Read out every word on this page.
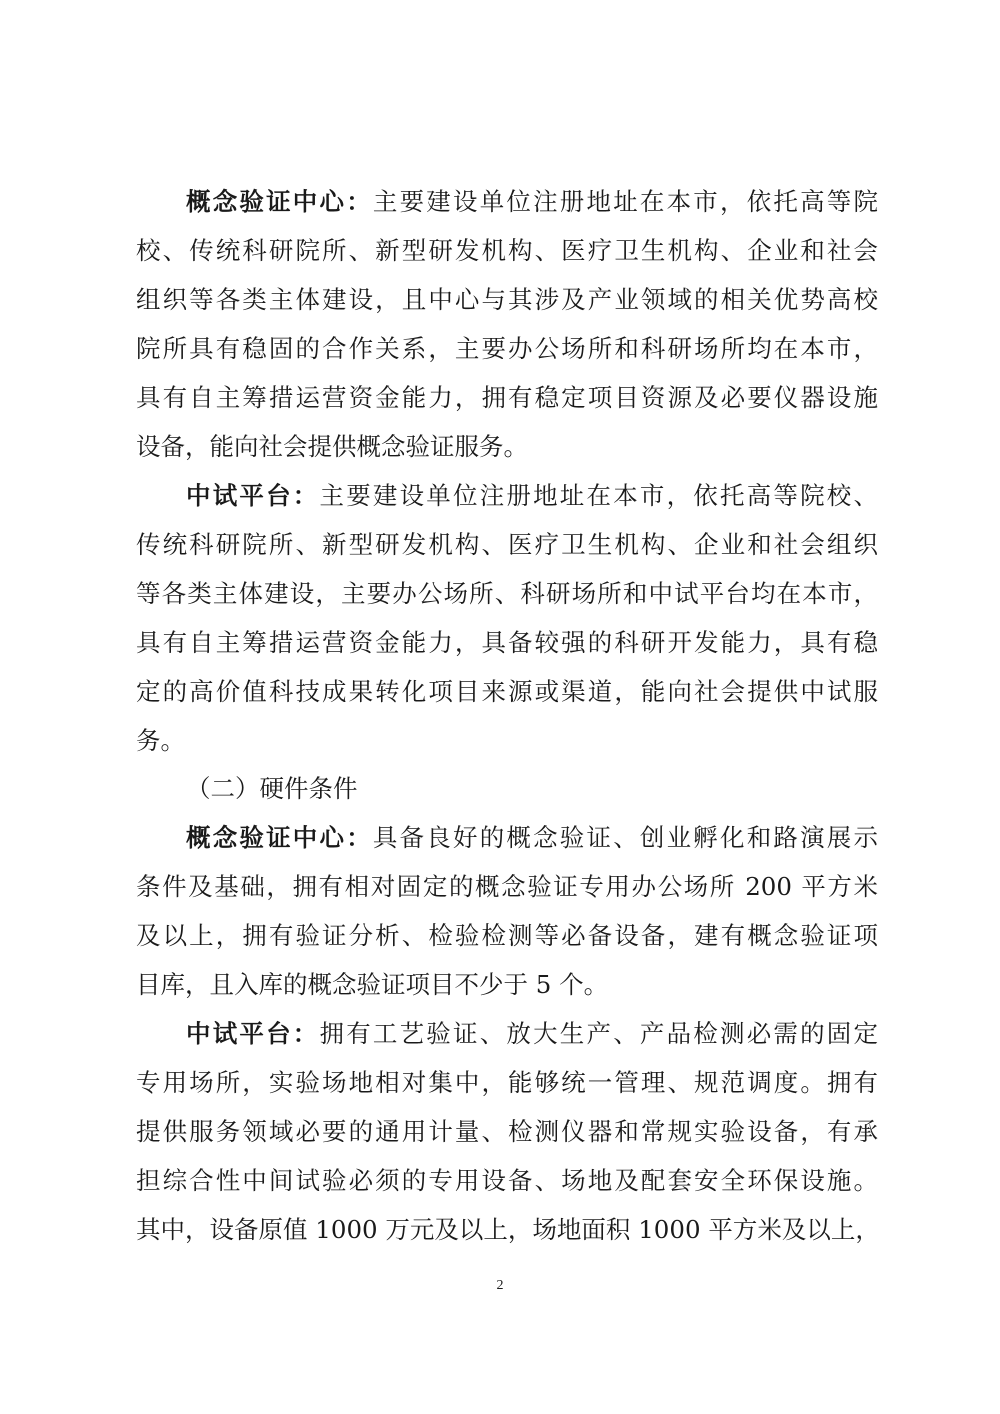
概念验证中心：主要建设单位注册地址在本市，依托高等院
校、传统科研院所、新型研发机构、医疗卫生机构、企业和社会
组织等各类主体建设，且中心与其涉及产业领域的相关优势高校
院所具有稳固的合作关系，主要办公场所和科研场所均在本市，
具有自主筹措运营资金能力，拥有稳定项目资源及必要仪器设施
设备，能向社会提供概念验证服务。
中试平台：主要建设单位注册地址在本市，依托高等院校、
传统科研院所、新型研发机构、医疗卫生机构、企业和社会组织
等各类主体建设，主要办公场所、科研场所和中试平台均在本市，
具有自主筹措运营资金能力，具备较强的科研开发能力，具有稳
定的高价值科技成果转化项目来源或渠道，能向社会提供中试服
务。
（二）硬件条件
概念验证中心：具备良好的概念验证、创业孵化和路演展示
条件及基础，拥有相对固定的概念验证专用办公场所 200 平方米
及以上，拥有验证分析、检验检测等必备设备，建有概念验证项
目库，且入库的概念验证项目不少于 5 个。
中试平台：拥有工艺验证、放大生产、产品检测必需的固定
专用场所，实验场地相对集中，能够统一管理、规范调度。拥有
提供服务领域必要的通用计量、检测仪器和常规实验设备，有承
担综合性中间试验必须的专用设备、场地及配套安全环保设施。
其中，设备原值 1000 万元及以上，场地面积 1000 平方米及以上，
2
